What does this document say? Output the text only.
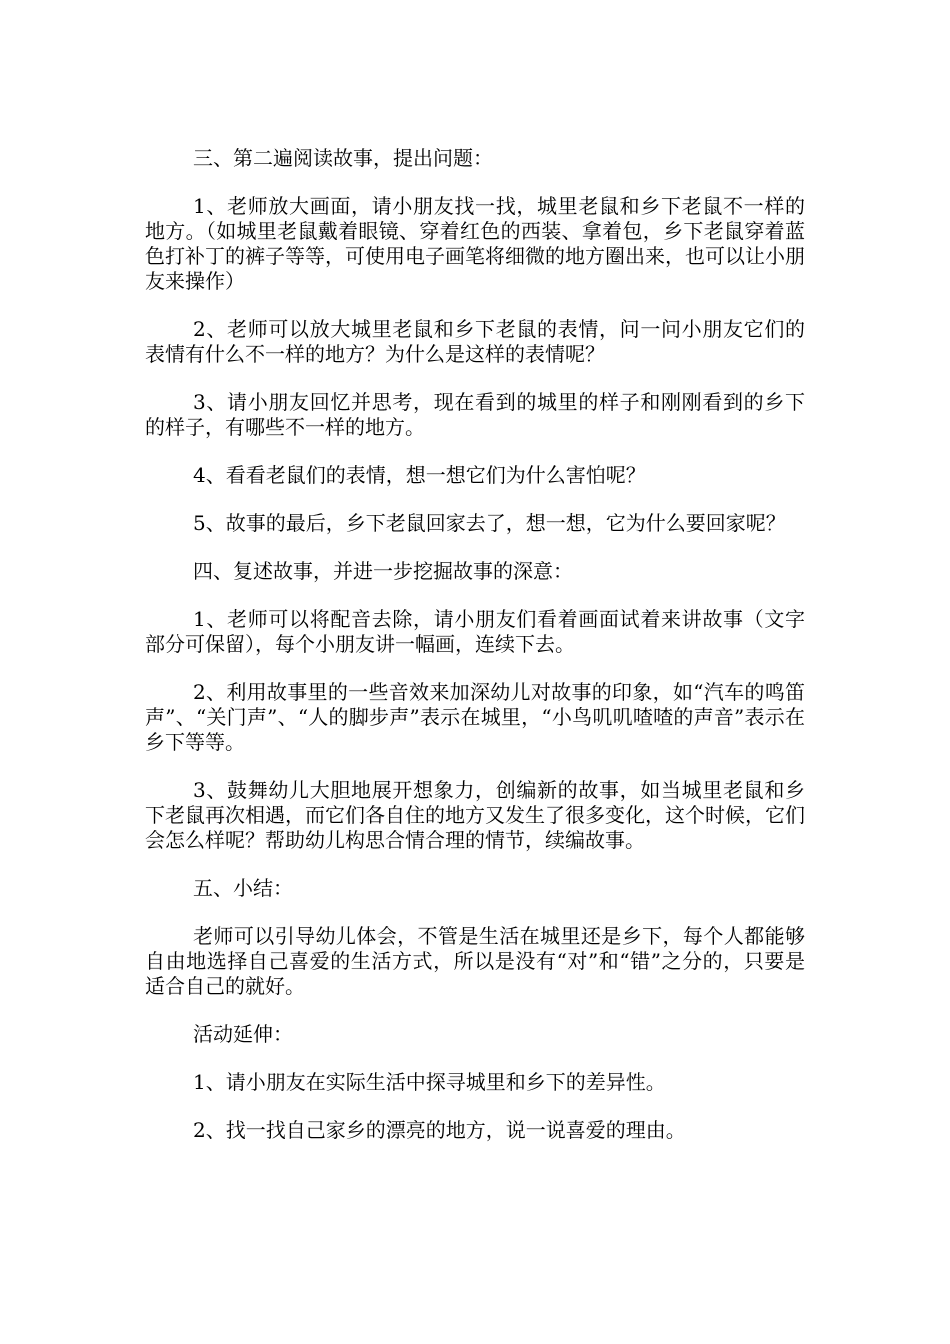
三、第二遍阅读故事，提出问题：

1、老师放大画面，请小朋友找一找，城里老鼠和乡下老鼠不一样的地方。（如城里老鼠戴着眼镜、穿着红色的西装、拿着包，乡下老鼠穿着蓝色打补丁的裤子等等，可使用电子画笔将细微的地方圈出来，也可以让小朋友来操作）

2、老师可以放大城里老鼠和乡下老鼠的表情，问一问小朋友它们的表情有什么不一样的地方？为什么是这样的表情呢？

3、请小朋友回忆并思考，现在看到的城里的样子和刚刚看到的乡下的样子，有哪些不一样的地方。

4、看看老鼠们的表情，想一想它们为什么害怕呢？

5、故事的最后，乡下老鼠回家去了，想一想，它为什么要回家呢？

四、复述故事，并进一步挖掘故事的深意：

1、老师可以将配音去除，请小朋友们看着画面试着来讲故事（文字部分可保留），每个小朋友讲一幅画，连续下去。

2、利用故事里的一些音效来加深幼儿对故事的印象，如“汽车的鸣笛声”、“关门声”、“人的脚步声”表示在城里，“小鸟叽叽喳喳的声音”表示在乡下等等。

3、鼓舞幼儿大胆地展开想象力，创编新的故事，如当城里老鼠和乡下老鼠再次相遇，而它们各自住的地方又发生了很多变化，这个时候，它们会怎么样呢？帮助幼儿构思合情合理的情节，续编故事。

五、小结：

老师可以引导幼儿体会，不管是生活在城里还是乡下，每个人都能够自由地选择自己喜爱的生活方式，所以是没有“对”和“错”之分的，只要是适合自己的就好。

活动延伸：

1、请小朋友在实际生活中探寻城里和乡下的差异性。

2、找一找自己家乡的漂亮的地方，说一说喜爱的理由。
